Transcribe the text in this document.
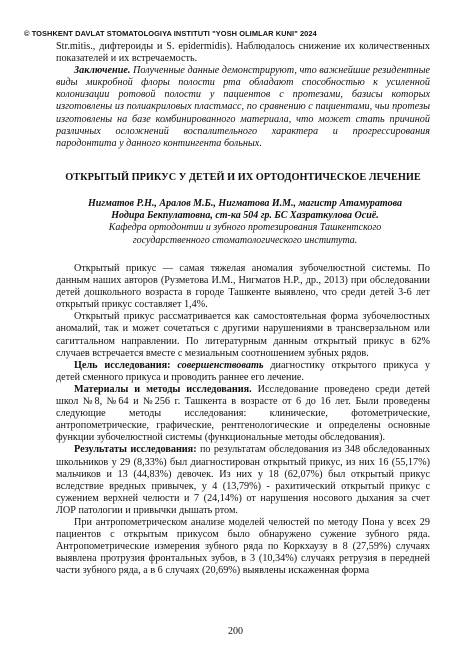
© TOSHKENT DAVLAT STOMATOLOGIYA INSTITUTI "YOSH OLIMLAR KUNI" 2024

Str.mitis., дифтероиды и S. epidermidis). Наблюдалось снижение их количественных показателей и их встречаемость.

Заключение. Полученные данные демонстрируют, что важнейшие резидентные виды микробной флоры полости рта обладают способностью к усиленной колонизации ротовой полости у пациентов с протезами, базисы которых изготовлены из полиакриловых пластмасс, по сравнению с пациентами, чьи протезы изготовлены на базе комбинированного материала, что может стать причиной различных осложнений воспалительного характера и прогрессирования пародонтита у данного контингента больных.

ОТКРЫТЫЙ ПРИКУС У ДЕТЕЙ И ИХ ОРТОДОНТИЧЕСКОЕ ЛЕЧЕНИЕ
Нигматов Р.Н., Аралов М.Б., Нигматова И.М., магистр Атамуратова
Нодира Бекпулатовна, ст-ка 504 гр. БС Хазраткулова Осиё.
Кафедра ортодонтии и зубного протезирования Ташкентского государственного стоматологического института.

Открытый прикус — самая тяжелая аномалия зубочелюстной системы. По данным наших авторов (Рузметова И.М., Нигматов Н.Р., др., 2013) при обследовании детей дошкольного возраста в городе Ташкенте выявлено, что среди детей 3-6 лет открытый прикус составляет 1,4%.

Открытый прикус рассматривается как самостоятельная форма зубочелюстных аномалий, так и может сочетаться с другими нарушениями в трансверзальном или сагиттальном направлении. По литературным данным открытый прикус в 62% случаев встречается вместе с мезиальным соотношением зубных рядов.

Цель исследования: совершенствовать диагностику открытого прикуса у детей сменного прикуса и проводить раннее его лечение.

Материалы и методы исследования. Исследование проведено среди детей школ №8, №64 и №256 г. Ташкента в возрасте от 6 до 16 лет. Были проведены следующие методы исследования: клинические, фотометрические, антропометрические, графические, рентгенологические и определены основные функции зубочелюстной системы (функциональные методы обследования).

Результаты исследования: по результатам обследования из 348 обследованных школьников у 29 (8,33%) был диагностирован открытый прикус, из них 16 (55,17%) мальчиков и 13 (44,83%) девочек. Из них у 18 (62,07%) был открытый прикус вследствие вредных привычек, у 4 (13,79%) - рахитический открытый прикус с сужением верхней челюсти и 7 (24,14%) от нарушения носового дыхания за счет ЛОР патологии и привычки дышать ртом.

При антропометрическом анализе моделей челюстей по методу Пона у всех 29 пациентов с открытым прикусом было обнаружено сужение зубного ряда. Антропометрические измерения зубного ряда по Коркхаузу в 8 (27,59%) случаях выявлена протрузия фронтальных зубов, в 3 (10,34%) случаях ретрузия в передней части зубного ряда, а в 6 случаях (20,69%) выявлены искаженная форма

200
